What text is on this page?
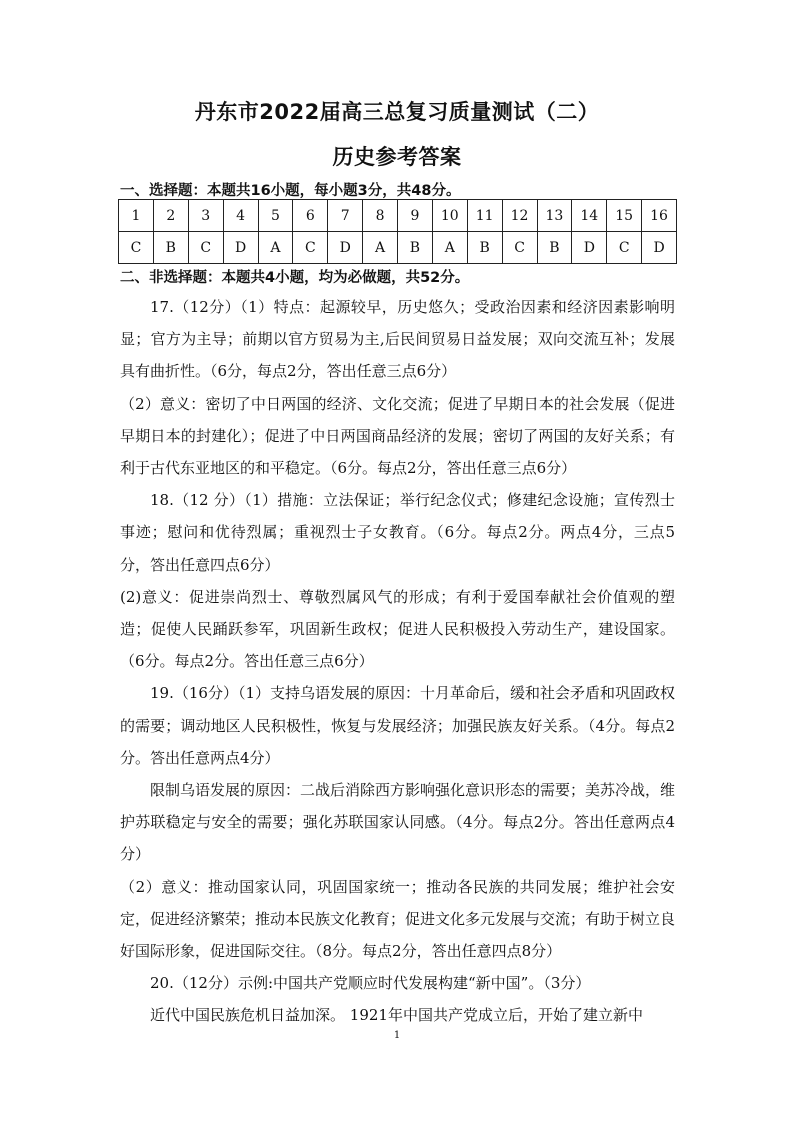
丹东市2022届高三总复习质量测试（二）
历史参考答案
一、选择题：本题共16小题，每小题3分，共48分。
1	2	3	4	5	6	7	8	9	10	11	12	13	14	15	16
C	B	C	D	A	C	D	A	B	A	B	C	B	D	C	D
二、非选择题：本题共4小题，均为必做题，共52分。

17.（12分）（1）特点：起源较早，历史悠久；受政治因素和经济因素影响明显；官方为主导；前期以官方贸易为主,后民间贸易日益发展；双向交流互补；发展具有曲折性。（6分，每点2分，答出任意三点6分）

（2）意义：密切了中日两国的经济、文化交流；促进了早期日本的社会发展（促进早期日本的封建化）；促进了中日两国商品经济的发展；密切了两国的友好关系；有利于古代东亚地区的和平稳定。（6分。每点2分，答出任意三点6分）

18.（12 分）（1）措施：立法保证；举行纪念仪式；修建纪念设施；宣传烈士事迹；慰问和优待烈属；重视烈士子女教育。（6分。每点2分。两点4分，三点5分，答出任意四点6分）

(2)意义：促进崇尚烈士、尊敬烈属风气的形成；有利于爱国奉献社会价值观的塑造；促使人民踊跃参军，巩固新生政权；促进人民积极投入劳动生产，建设国家。（6分。每点2分。答出任意三点6分）

19.（16分）（1）支持乌语发展的原因：十月革命后，缓和社会矛盾和巩固政权的需要；调动地区人民积极性，恢复与发展经济；加强民族友好关系。（4分。每点2分。答出任意两点4分）

限制乌语发展的原因：二战后消除西方影响强化意识形态的需要；美苏冷战，维护苏联稳定与安全的需要；强化苏联国家认同感。（4分。每点2分。答出任意两点4分）

（2）意义：推动国家认同，巩固国家统一；推动各民族的共同发展；维护社会安定，促进经济繁荣；推动本民族文化教育；促进文化多元发展与交流；有助于树立良好国际形象，促进国际交往。（8分。每点2分，答出任意四点8分）

20.（12分）示例:中国共产党顺应时代发展构建“新中国”。（3分）

近代中国民族危机日益加深。 1921年中国共产党成立后，开始了建立新中

1
